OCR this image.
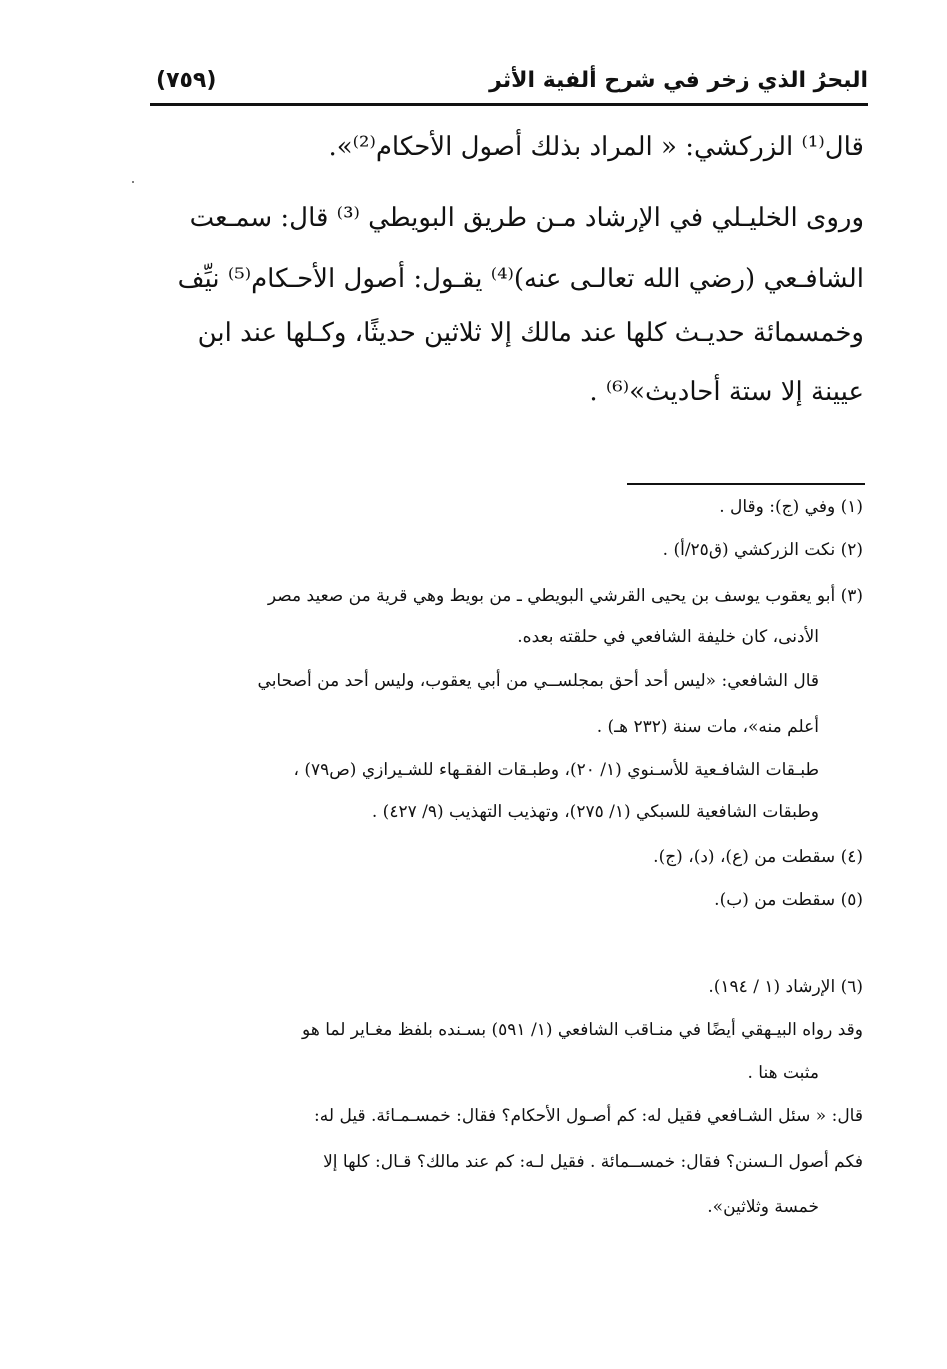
البحرُ الذي زخر في شرح ألفية الأثر
(٧٥٩)
قال⁽¹⁾ الزركشي: « المراد بذلك أصول الأحكام⁽²⁾».
وروى الخليـلي في الإرشاد مـن طريق البويطي ⁽³⁾ قال: سمـعت
الشافـعي (رضي الله تعالـى عنه)⁽⁴⁾ يقـول: أصول الأحـكام⁽⁵⁾ نيِّف
وخمسمائة حديـث كلها عند مالك إلا ثلاثين حديثًا، وكـلها عند ابن
عيينة إلا ستة أحاديث»⁽⁶⁾ .
(١) وفي (ج): وقال .
(٢) نكت الزركشي (ق٢٥/أ) .
(٣) أبو يعقوب يوسف بن يحيى القرشي البويطي ـ من بويط وهي قرية من صعيد مصر
الأدنى، كان خليفة الشافعي في حلقته بعده.
قال الشافعي: «ليس أحد أحق بمجلســي من أبي يعقوب، وليس أحد من أصحابي
أعلم منه»، مات سنة (٢٣٢ هـ) .
طبـقات الشافـعية للأسـنوي (١/ ٢٠)، وطبـقات الفقـهاء للشـيرازي (ص٧٩) ،
وطبقات الشافعية للسبكي (١/ ٢٧٥)، وتهذيب التهذيب (٩/ ٤٢٧) .
(٤) سقطت من (ع)، (د)، (ج).
(٥) سقطت من (ب).
(٦) الإرشاد (١ / ١٩٤).
وقد رواه البيـهقي أيضًا في منـاقب الشافعي (١/ ٥٩١) بسـنده بلفظ مغـاير لما هو
مثبت هنا .
قال: « سئل الشـافعي فقيل له: كم أصـول الأحكام؟ فقال: خمسـمـائة. قيل له:
فكم أصول الـسنن؟ فقال: خمســمائة . فقيل لـه: كم عند مالك؟ قـال: كلها إلا
خمسة وثلاثين».
